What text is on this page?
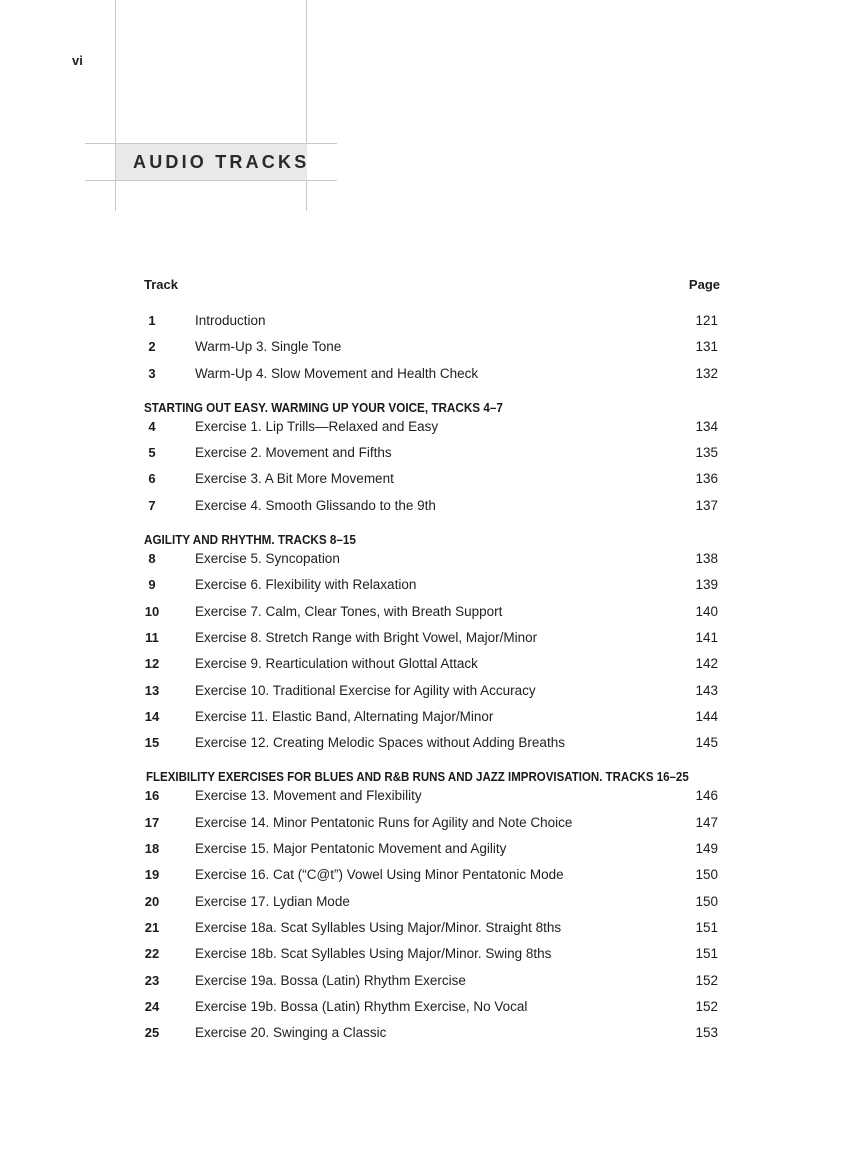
vi
AUDIO TRACKS
Track	Page
1	Introduction	121
2	Warm-Up 3. Single Tone	131
3	Warm-Up 4. Slow Movement and Health Check	132
STARTING OUT EASY. WARMING UP YOUR VOICE, TRACKS 4–7
4	Exercise 1. Lip Trills—Relaxed and Easy	134
5	Exercise 2. Movement and Fifths	135
6	Exercise 3. A Bit More Movement	136
7	Exercise 4. Smooth Glissando to the 9th	137
AGILITY AND RHYTHM. TRACKS 8–15
8	Exercise 5. Syncopation	138
9	Exercise 6. Flexibility with Relaxation	139
10	Exercise 7. Calm, Clear Tones, with Breath Support	140
11	Exercise 8. Stretch Range with Bright Vowel, Major/Minor	141
12	Exercise 9. Rearticulation without Glottal Attack	142
13	Exercise 10. Traditional Exercise for Agility with Accuracy	143
14	Exercise 11. Elastic Band, Alternating Major/Minor	144
15	Exercise 12. Creating Melodic Spaces without Adding Breaths	145
FLEXIBILITY EXERCISES FOR BLUES AND R&B RUNS AND JAZZ IMPROVISATION. TRACKS 16–25
16	Exercise 13. Movement and Flexibility	146
17	Exercise 14. Minor Pentatonic Runs for Agility and Note Choice	147
18	Exercise 15. Major Pentatonic Movement and Agility	149
19	Exercise 16. Cat (“C@t”) Vowel Using Minor Pentatonic Mode	150
20	Exercise 17. Lydian Mode	150
21	Exercise 18a. Scat Syllables Using Major/Minor. Straight 8ths	151
22	Exercise 18b. Scat Syllables Using Major/Minor. Swing 8ths	151
23	Exercise 19a. Bossa (Latin) Rhythm Exercise	152
24	Exercise 19b. Bossa (Latin) Rhythm Exercise, No Vocal	152
25	Exercise 20. Swinging a Classic	153
